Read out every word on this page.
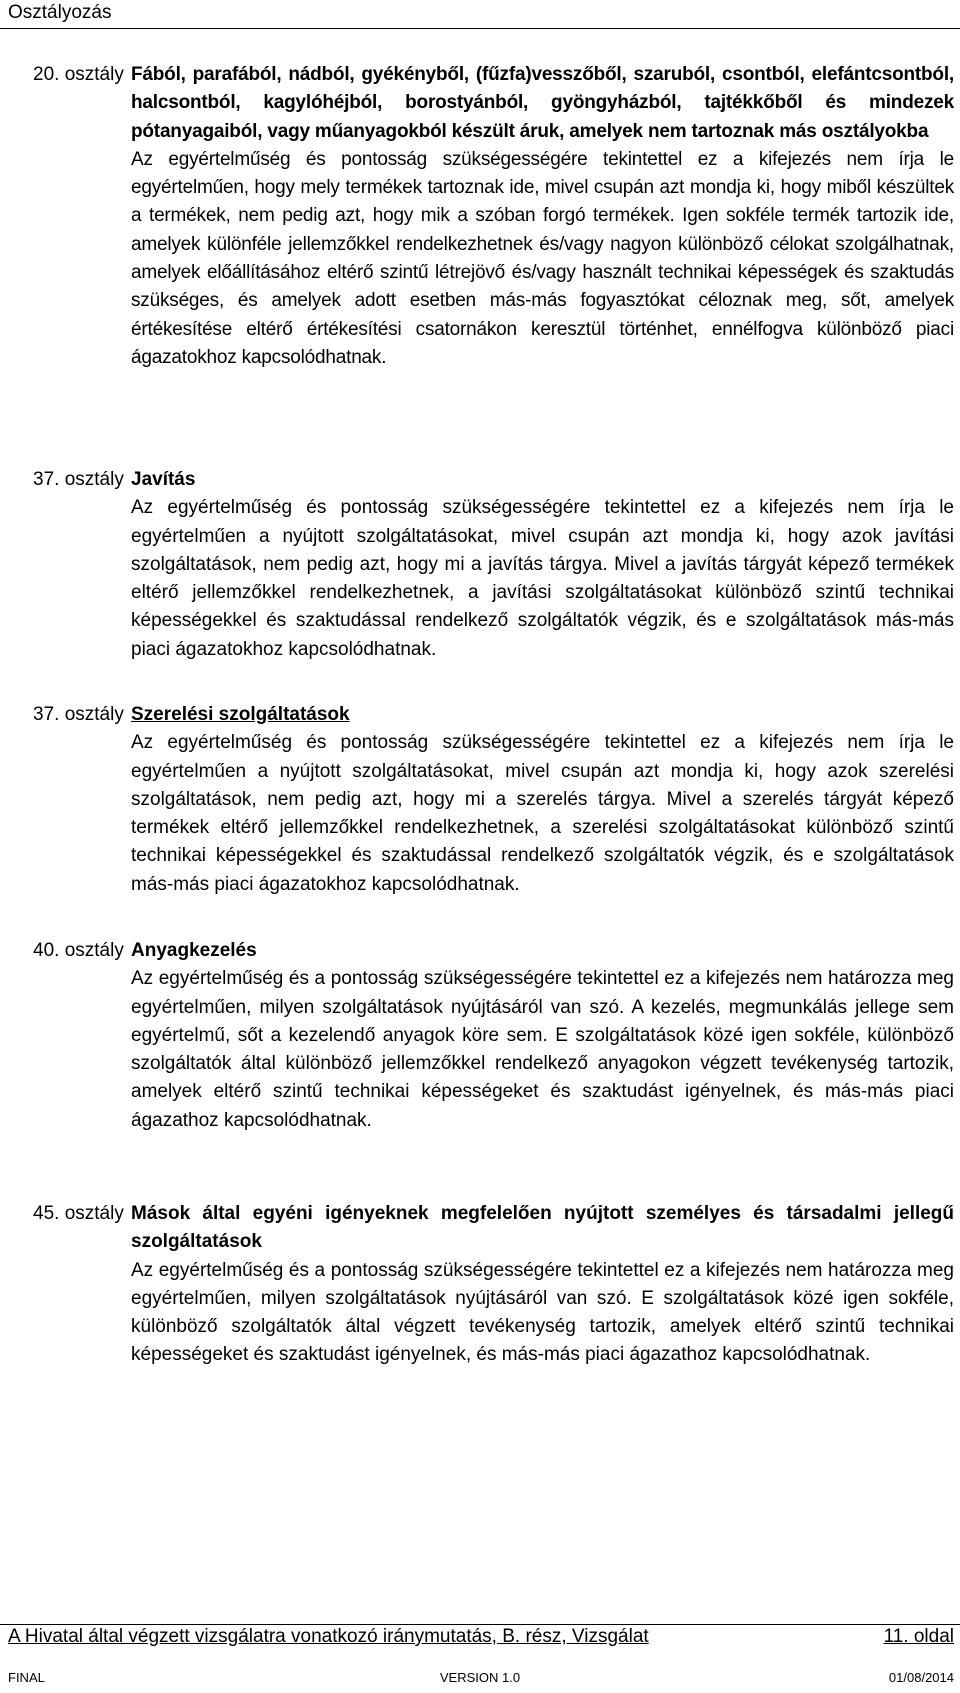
Osztályozás
20. osztály Fából, parafából, nádból, gyékényből, (fűzfa)vesszőből, szaruból, csontból, elefántcsontból, halcsontból, kagylóhéjból, borostyánból, gyöngyházból, tajtékkőből és mindezek pótanyagaiból, vagy műanyagokból készült áruk, amelyek nem tartoznak más osztályokba
Az egyértelműség és pontosság szükségességére tekintettel ez a kifejezés nem írja le egyértelműen, hogy mely termékek tartoznak ide, mivel csupán azt mondja ki, hogy miből készültek a termékek, nem pedig azt, hogy mik a szóban forgó termékek. Igen sokféle termék tartozik ide, amelyek különféle jellemzőkkel rendelkezhetnek és/vagy nagyon különböző célokat szolgálhatnak, amelyek előállításához eltérő szintű létrejövő és/vagy használt technikai képességek és szaktudás szükséges, és amelyek adott esetben más-más fogyasztókat céloznak meg, sőt, amelyek értékesítése eltérő értékesítési csatornákon keresztül történhet, ennélfogva különböző piaci ágazatokhoz kapcsolódhatnak.
37. osztály Javítás
Az egyértelműség és pontosság szükségességére tekintettel ez a kifejezés nem írja le egyértelműen a nyújtott szolgáltatásokat, mivel csupán azt mondja ki, hogy azok javítási szolgáltatások, nem pedig azt, hogy mi a javítás tárgya. Mivel a javítás tárgyát képező termékek eltérő jellemzőkkel rendelkezhetnek, a javítási szolgáltatásokat különböző szintű technikai képességekkel és szaktudással rendelkező szolgáltatók végzik, és e szolgáltatások más-más piaci ágazatokhoz kapcsolódhatnak.
37. osztály Szerelési szolgáltatások
Az egyértelműség és pontosság szükségességére tekintettel ez a kifejezés nem írja le egyértelműen a nyújtott szolgáltatásokat, mivel csupán azt mondja ki, hogy azok szerelési szolgáltatások, nem pedig azt, hogy mi a szerelés tárgya. Mivel a szerelés tárgyát képező termékek eltérő jellemzőkkel rendelkezhetnek, a szerelési szolgáltatásokat különböző szintű technikai képességekkel és szaktudással rendelkező szolgáltatók végzik, és e szolgáltatások más-más piaci ágazatokhoz kapcsolódhatnak.
40. osztály Anyagkezelés
Az egyértelműség és a pontosság szükségességére tekintettel ez a kifejezés nem határozza meg egyértelműen, milyen szolgáltatások nyújtásáról van szó. A kezelés, megmunkálás jellege sem egyértelmű, sőt a kezelendő anyagok köre sem. E szolgáltatások közé igen sokféle, különböző szolgáltatók által különböző jellemzőkkel rendelkező anyagokon végzett tevékenység tartozik, amelyek eltérő szintű technikai képességeket és szaktudást igényelnek, és más-más piaci ágazathoz kapcsolódhatnak.
45. osztály Mások által egyéni igényeknek megfelelően nyújtott személyes és társadalmi jellegű szolgáltatások
Az egyértelműség és a pontosság szükségességére tekintettel ez a kifejezés nem határozza meg egyértelműen, milyen szolgáltatások nyújtásáról van szó. E szolgáltatások közé igen sokféle, különböző szolgáltatók által végzett tevékenység tartozik, amelyek eltérő szintű technikai képességeket és szaktudást igényelnek, és más-más piaci ágazathoz kapcsolódhatnak.
A Hivatal által végzett vizsgálatra vonatkozó iránymutatás, B. rész, Vizsgálat	11. oldal
FINAL	VERSION 1.0	01/08/2014
